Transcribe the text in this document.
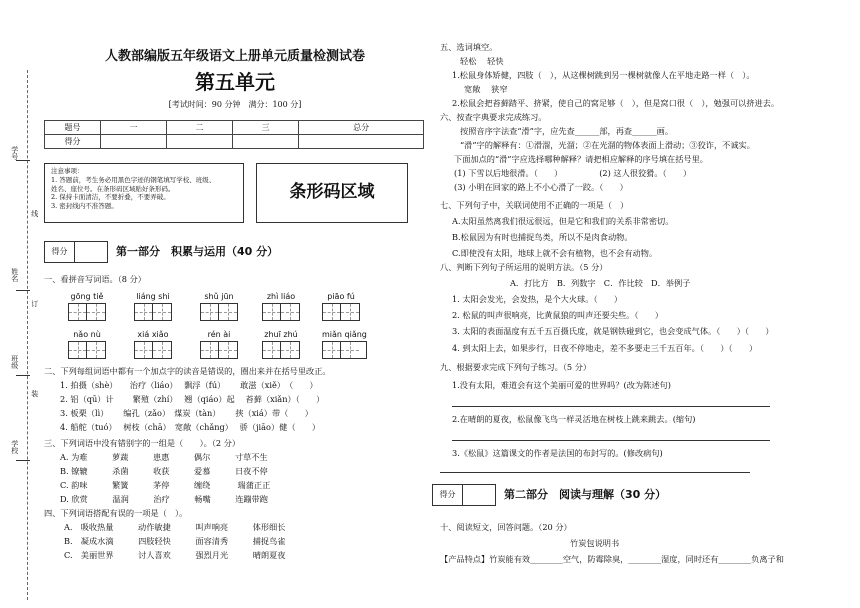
学号
线
姓名
订
班级
装
学校
人教部编版五年级语文上册单元质量检测试卷
第五单元
[考试时间：90 分钟　满分：100 分]
题号	一	二	三	总分
得分				
注意事项：
1. 答题前，考生务必用黑色字迹的钢笔填写学校、班级、
姓名、座位号。在条形码区域贴好条形码。
2. 保持卡面清洁，不要折叠，不要弄破。
3. 密封线内不准答题。
条形码区域
得分	第一部分　积累与运用（40 分）
一、看拼音写词语。（8 分）
gōng tiě	liáng shi	shǔ jūn	zhì liáo	piāo fú
nǎo nù	xiá xiǎo	rén ài	zhuī zhú	miǎn qiǎng
二、下列每组词语中都有一个加点字的读音是错误的，圈出来并在括号里改正。
1. 拍摄（shè）　　治疗（liáo）　 飘浮（fú）　　 敢滋（xiě）　（　　）
2. 铝（qū）计　　 繁殖（zhí）　 翘（qiáo）起　 苔藓（xiǎn）（　　）
3. 板栗（lì）　　 编孔（zǎo）　煤炭（tàn）　　 挟（xiá）带（　　）
4. 船舵（tuó）　 树枝（chā）　宽敞（chǎng）　 骄（jiāo）健（　　）
三、下列词语中没有错别字的一组是（　　）。（2 分）
A. 为难　　　萝蔬　　　患惠　　　偶尔　　　寸草不生
B. 镣辘　　　杀菌　　　收获　　　爱慕　　　日夜不停
C. 韵味　　　繁簧　　　茅停　　　缠绕　　　 瑞蒲正正
D. 欣赏　　　温润　　　治疗　　　畅嘴　　　连蹦带跑
四、下列词语搭配有误的一项是（　）。
A.　吸收热量　　　动作敏捷　　　叫声响亮　　　体形细长
B.　凝成水滴　　　四肢轻快　　　面容清秀　　　捕捉鸟雀
C.　美丽世界　　　讨人喜欢　　　强烈月光　　　晴朗夏夜
五、选词填空。
轻松　 轻快
1.松鼠身体矫健，四肢（　），从这棵树跳到另一棵树就像人在平地走路一样（　）。
宽敞　 狭窄
2.松鼠会把苔藓踏平、挤紧，使自己的窝足够（　），但是窝口很（　），勉强可以挤进去。
六、按查字典要求完成练习。
按照音序字法查“滑”字，应先查______部，再查______画。
“滑”字的解释有：①滑溜，光溜；②在光溜的物体表面上滑动；③狡诈，不诚实。
下面加点的“滑”字应选择哪种解释？请把相应解释的序号填在括号里。
(1) 下雪以后地很滑。（　　）　　　　　(2) 这人很狡猾。（　　）
(3) 小明在回家的路上不小心滑了一跤。（　　）
七、下列句子中，关联词使用不正确的一项是（　）
A.太阳虽然离我们很远很远，但是它和我们的关系非常密切。
B.松鼠因为有时也捕捉鸟类，所以不是肉食动物。
C.即使没有太阳，地球上就不会有植物，也不会有动物。
八、判断下列句子所运用的说明方法。（5 分）
A．打比方　B．列数字　C．作比较　D．举例子
1. 太阳会发光，会发热，是个大火球。（　　）
2. 松鼠的叫声很响亮，比黄鼠狼的叫声还要尖些。（　　）
3. 太阳的表面温度有五千五百摄氏度，就是钢铁碰到它，也会变成气体。（　　）（　　）
4. 到太阳上去，如果步行，日夜不停地走，差不多要走三千五百年。（　　）（　　）
九、根据要求完成下列句子练习。（5 分）
1.没有太阳，难道会有这个美丽可爱的世界吗？(改为陈述句)
2.在晴朗的夏夜，松鼠像飞鸟一样灵活地在树枝上跳来跳去。(缩句)
3.《松鼠》这篇课文的作者是法国的布封写的。(修改病句)
得分	第二部分　阅读与理解（30 分）
十、阅读短文，回答问题。（20 分）
竹炭包说明书
【产品特点】竹炭能有效________空气，防霉除臭，________湿度，同时还有________负离子和
